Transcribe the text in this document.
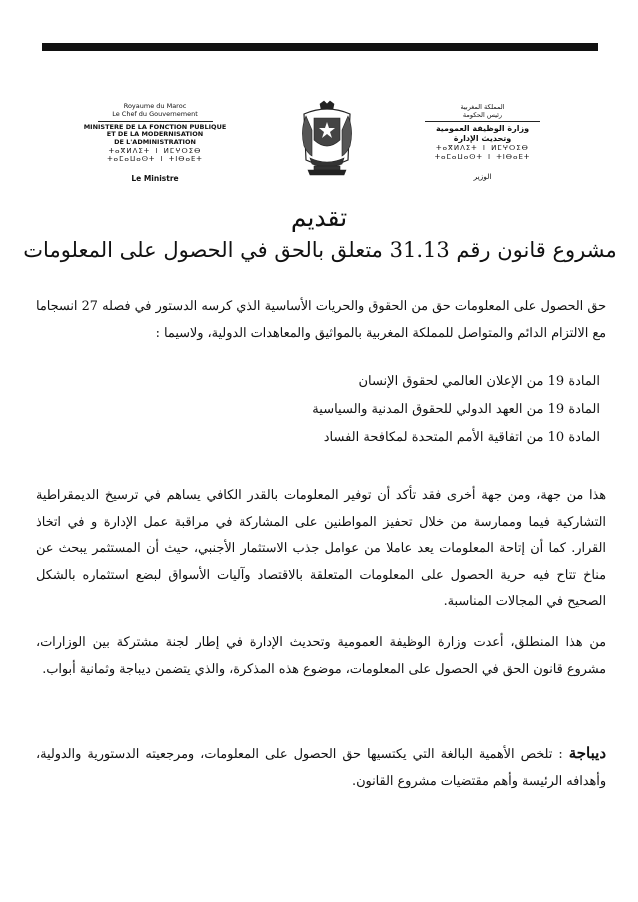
Royaume du Maroc
Le Chef du Gouvernement
MINISTERE DE LA FONCTION PUBLIQUE
ET DE LA MODERNISATION
DE L'ADMINISTRATION
ⵜⴰⴳⵍⴷⵉⵜ ⵏ ⵍⵎⵖⵔⵉⴱ
ⵜⴰⵎⴰⵡⴰⵙⵜ ⵏ ⵜⵏⴱⴰⴹⵜ
Le Ministre
المملكة المغربية
رئيس الحكومة
وزارة الوظيفة العمومية
وتحديث الإدارة
ⵜⴰⴳⵍⴷⵉⵜ ⵏ ⵍⵎⵖⵔⵉⴱ
ⵜⴰⵎⴰⵡⴰⵙⵜ ⵏ ⵜⵏⴱⴰⴹⵜ
الوزير
تقديم
مشروع قانون رقم 31.13 متعلق بالحق في الحصول على المعلومات
حق الحصول على المعلومات حق من الحقوق والحريات الأساسية الذي كرسه الدستور في فصله 27 انسجاما مع الالتزام الدائم والمتواصل للمملكة المغربية بالمواثيق والمعاهدات الدولية، ولاسيما :
المادة 19 من الإعلان العالمي لحقوق الإنسان
المادة 19 من العهد الدولي للحقوق المدنية والسياسية
المادة 10 من اتفاقية الأمم المتحدة لمكافحة الفساد
هذا من جهة، ومن جهة أخرى فقد تأكد أن توفير المعلومات بالقدر الكافي يساهم في ترسيخ الديمقراطية التشاركية فيما وممارسة من خلال تحفيز المواطنين على المشاركة في مراقبة عمل الإدارة و في اتخاذ القرار. كما أن إتاحة المعلومات يعد عاملا من عوامل جذب الاستثمار الأجنبي، حيث أن المستثمر يبحث عن مناخ تتاح فيه حرية الحصول على المعلومات المتعلقة بالاقتصاد وآليات الأسواق لبضع استثماره بالشكل الصحيح في المجالات المناسبة.
من هذا المنطلق، أعدت وزارة الوظيفة العمومية وتحديث الإدارة في إطار لجنة مشتركة بين الوزارات، مشروع قانون الحق في الحصول على المعلومات، موضوع هذه المذكرة، والذي يتضمن ديباجة وثمانية أبواب.
ديباجة : تلخص الأهمية البالغة التي يكتسيها حق الحصول على المعلومات، ومرجعيته الدستورية والدولية، وأهدافه الرئيسة وأهم مقتضيات مشروع القانون.
